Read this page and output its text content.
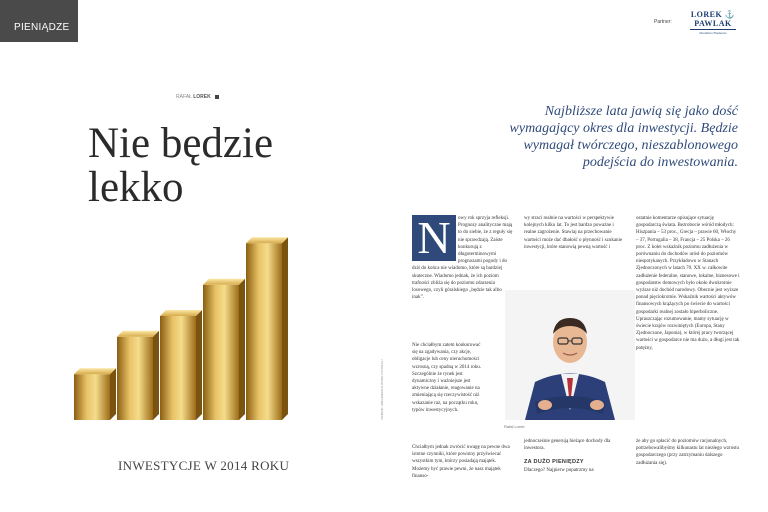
PIENIĄDZE	Partner:
LOREK ⚓ PAWLAK
Doradztwo Finansowe
RAFAŁ LOREK
Nie będzie
lekko
Najbliższe lata jawią się jako dość wymagający okres dla inwestycji. Będzie wymagał twórczego, nieszablonowego podejścia do inwestowania.
INWESTYCJE W 2014 ROKU
ZDJĘCIE: ARCHIWUM AUTORA / FOTOLIA /
N	owy rok sprzyja refleksji. Prognozy analityczne mają to do siebie, że z reguły się nie sprawdzają. Zaiste konkurują z długoterminowymi prognozami pogody i do dziś do końca nie wiadomo, które są bardziej skuteczne. Wiadomo jednak, że ich poziom trafności zbliża się do poziomu zdarzenia losowego, czyli góralskiego „będzie tak albo inak”.
Nie chciałbym zatem konkurować się na zgadywania, czy akcje, obligacje lub ceny nieruchomości wzrosną, czy spadną w 2014 roku. Szczególnie że rynek jest dynamiczny i ważniejsze jest aktywne działanie, reagowanie na zmieniającą się rzeczywistość niż wskazanie raz, na początku roku, typów inwestycyjnych.
Chciałbym jednak zwrócić uwagę na pewne dwa istotne czynniki, które powinny przyświecać wszystkim tym, którzy posiadają majątek. Możemy być prawie pewni, że nasz majątek finanso-
wy straci realnie na wartości w perspektywie kolejnych kilku lat. To jest bardzo poważne i realne zagrożenie. Stawiaj na przechowanie wartości może dać dbałość o płynność i szukanie inwestycji, które stanowią pewną wartość i
Rafał Lorek
jednocześnie generują bieżące dochody dla inwestora.
ZA DUŻO PIENIĘDZY
Dlaczego? Najpierw popatrzmy na
ostatnie komentarze opisujące sytuację gospodarczą świata. Bezrobocie wśród młodych: Hiszpania – 53 proc., Grecja – prawie 60, Włochy – 37, Portugalia – 38, Francja – 25 Polska – 26 proc. Z kolei wskaźnik poziomu zadłużenia w porównaniu do dochodów urósł do poziomów niespotykanych. Przykładowo w Stanach Zjednoczonych w latach 70. XX w. całkowite zadłużenie federalne, stanowe, lokalne, biznesowe i gospodarstw domowych było około dwukrotnie wyższe niż dochód narodowy. Obecnie jest wyższe ponad pięciokrotnie. Wskaźnik wartości aktywów finansowych krążących po świecie do wartości gospodarki realnej zostało hiperboliczne. Upraszczając rozumowanie, mamy sytuację w świecie krajów rozwiniętych (Europa, Stany Zjednoczone, Japonia), w której pracy tworzącej wartości w gospodarce nie ma dużo, a długi jest tak potężny,
że aby go spłacić do poziomów racjonalnych, potrzebowalibyśmy kilkunastu lat niezłego wzrostu gospodarczego (przy zatrzymaniu dalszego zadłużania się).
